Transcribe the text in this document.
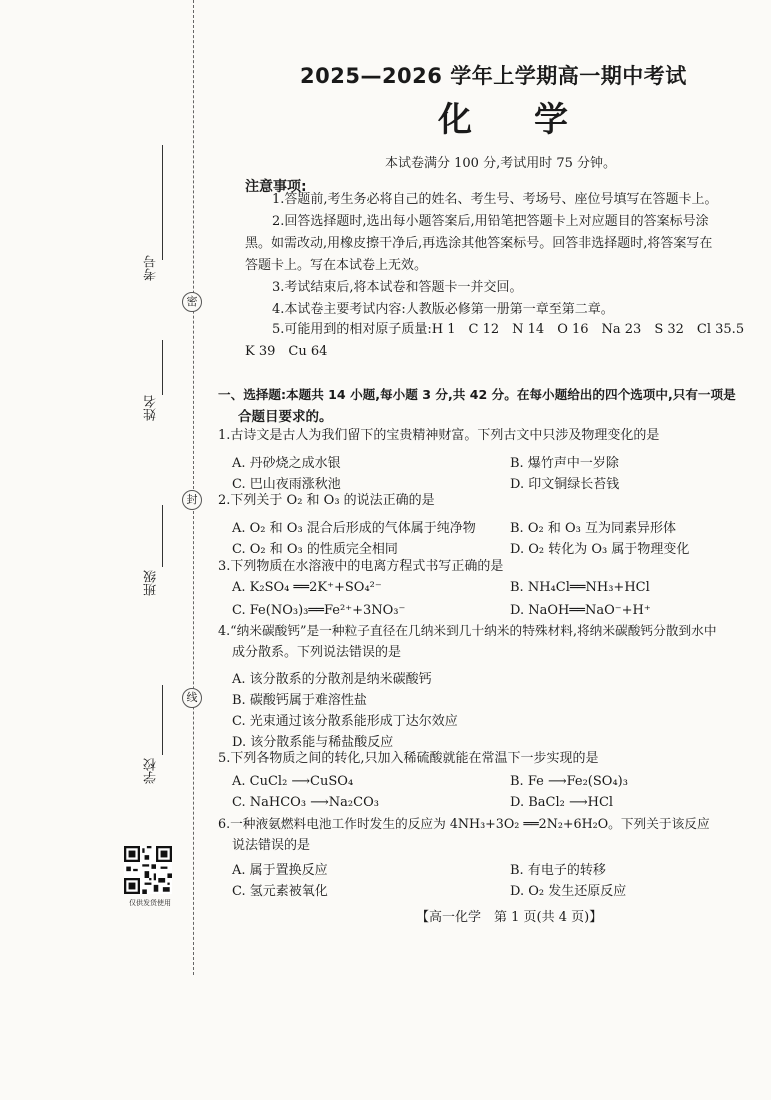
密
封
线
考号
姓名
班级
学校
仅供发货使用
2025—2026 学年上学期高一期中考试
化学
本试卷满分 100 分,考试用时 75 分钟。
注意事项:
1.答题前,考生务必将自己的姓名、考生号、考场号、座位号填写在答题卡上。
2.回答选择题时,选出每小题答案后,用铅笔把答题卡上对应题目的答案标号涂
黑。如需改动,用橡皮擦干净后,再选涂其他答案标号。回答非选择题时,将答案写在
答题卡上。写在本试卷上无效。
3.考试结束后,将本试卷和答题卡一并交回。
4.本试卷主要考试内容:人教版必修第一册第一章至第二章。
5.可能用到的相对原子质量:H 1　C 12　N 14　O 16　Na 23　S 32　Cl 35.5
K 39　Cu 64
一、选择题:本题共 14 小题,每小题 3 分,共 42 分。在每小题给出的四个选项中,只有一项是
合题目要求的。
1.古诗文是古人为我们留下的宝贵精神财富。下列古文中只涉及物理变化的是
A. 丹砂烧之成水银	B. 爆竹声中一岁除
C. 巴山夜雨涨秋池	D. 印文铜绿长苔钱
2.下列关于 O₂ 和 O₃ 的说法正确的是
A. O₂ 和 O₃ 混合后形成的气体属于纯净物	B. O₂ 和 O₃ 互为同素异形体
C. O₂ 和 O₃ 的性质完全相同	D. O₂ 转化为 O₃ 属于物理变化
3.下列物质在水溶液中的电离方程式书写正确的是
A. K₂SO₄ ══2K⁺+SO₄²⁻	B. NH₄Cl══NH₃+HCl
C. Fe(NO₃)₃══Fe²⁺+3NO₃⁻	D. NaOH══NaO⁻+H⁺
4.“纳米碳酸钙”是一种粒子直径在几纳米到几十纳米的特殊材料,将纳米碳酸钙分散到水中
成分散系。下列说法错误的是
A. 该分散系的分散剂是纳米碳酸钙
B. 碳酸钙属于难溶性盐
C. 光束通过该分散系能形成丁达尔效应
D. 该分散系能与稀盐酸反应
5.下列各物质之间的转化,只加入稀硫酸就能在常温下一步实现的是
A. CuCl₂ ⟶CuSO₄	B. Fe ⟶Fe₂(SO₄)₃
C. NaHCO₃ ⟶Na₂CO₃	D. BaCl₂ ⟶HCl
6.一种液氨燃料电池工作时发生的反应为 4NH₃+3O₂ ══2N₂+6H₂O。下列关于该反应
说法错误的是
A. 属于置换反应	B. 有电子的转移
C. 氢元素被氧化	D. O₂ 发生还原反应
【高一化学　第 1 页(共 4 页)】
